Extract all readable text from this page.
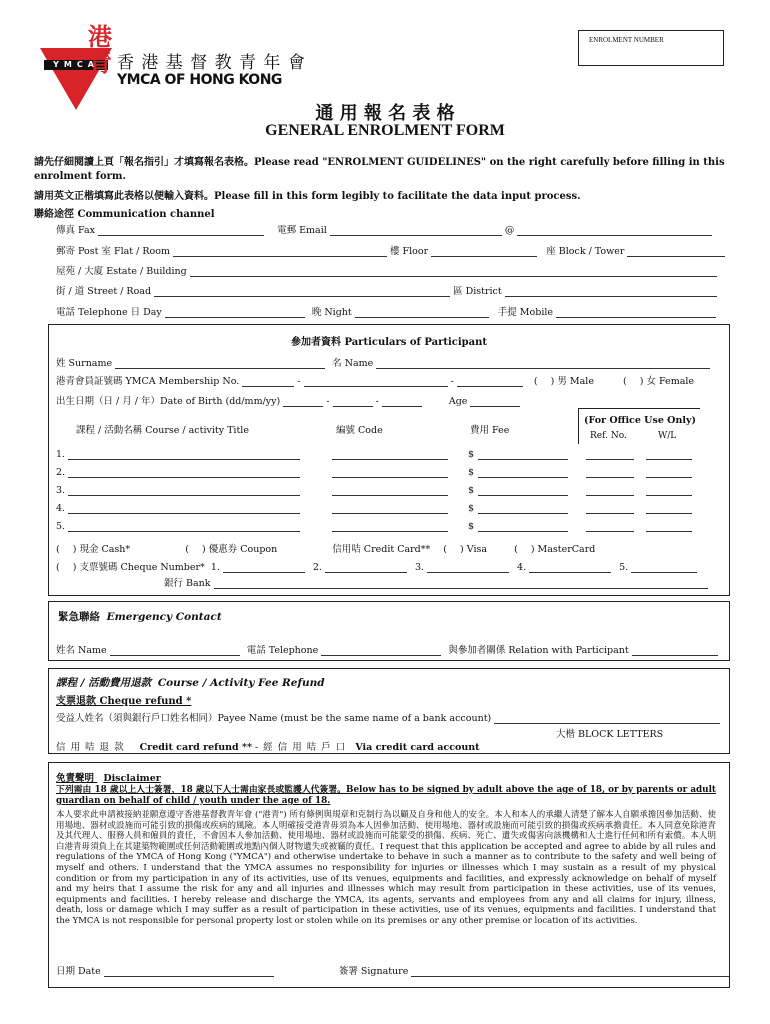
ENROLMENT NUMBER
YMCA
港青 香 港 基 督 教 青 年 會
YMCA OF HONG KONG
通 用 報 名 表 格
GENERAL ENROLMENT FORM
請先仔細閱讀上頁「報名指引」才填寫報名表格。Please read "ENROLMENT GUIDELINES" on the right carefully before filling in this enrolment form.
請用英文正楷填寫此表格以便輸入資料。Please fill in this form legibly to facilitate the data input process.
聯絡途徑 Communication channel
傳真 Fax	電郵 Email	@
郵寄 Post 室 Flat / Room	樓 Floor	座 Block / Tower
屋苑 / 大廈 Estate / Building
街 / 道 Street / Road	區 District
電話 Telephone 日 Day	晚 Night	手提 Mobile
參加者資料 Particulars of Participant
姓 Surname	名 Name
港青會員証號碼 YMCA Membership No.	-	-	( ) 男 Male	( ) 女 Female
出生日期（日 / 月 / 年）Date of Birth (dd/mm/yy)	-	-	Age
課程 / 活動名稱 Course / activity Title	編號 Code	費用 Fee
(For Office Use Only)
Ref. No.	W/L
1.	$
2.	$
3.	$
4.	$
5.	$
( ) 現金 Cash*	( ) 優惠券 Coupon	信用咭 Credit Card** ( ) Visa	( ) MasterCard
( ) 支票號碼 Cheque Number* 1.	2.	3.	4.	5.
銀行 Bank
緊急聯絡 Emergency Contact
姓名 Name	電話 Telephone	與參加者關係 Relation with Participant
課程 / 活動費用退款 Course / Activity Fee Refund
支票退款 Cheque refund *
受益人姓名（須與銀行戶口姓名相同）Payee Name (must be the same name of a bank account)
大楷 BLOCK LETTERS
信 用 咭 退 款 Credit card refund ** - 經 信 用 咭 戶 口 Via credit card account
免責聲明 Disclaimer
下列需由 18 歲以上人士簽署，18 歲以下人士需由家長或監護人代簽署。Below has to be signed by adult above the age of 18, or by parents or adult guardian on behalf of child / youth under the age of 18.
本人要求此申請被接納並願意遵守香港基督教青年會 ("港青") 所有條例與規章和克制行為以顧及自身和他人的安全。本人和本人的承繼人清楚了解本人自願承擔因參加活動、使用場地、器材或設施而可能引致的損傷或疾病的風險。本人明確接受港青毋須為本人因參加活動、使用場地、器材或設施而可能引致的損傷或疾病承擔責任。本人同意免除港青及其代理人、服務人員和僱員的責任，不會因本人參加活動、使用場地、器材或設施而可能蒙受的損傷、疾病、死亡、遺失或傷害向該機構和人士進行任何和所有索償。本人明白港青毋須負上在其建築物範圍或任何活動範圍或地點內個人財物遺失或被竊的責任。I request that this application be accepted and agree to abide by all rules and regulations of the YMCA of Hong Kong ("YMCA") and otherwise undertake to behave in such a manner as to contribute to the safety and well being of myself and others. I understand that the YMCA assumes no responsibility for injuries or illnesses which I may sustain as a result of my physical condition or from my participation in any of its activities, use of its venues, equipments and facilities, and expressly acknowledge on behalf of myself and my heirs that I assume the risk for any and all injuries and illnesses which may result from participation in these activities, use of its venues, equipments and facilities. I hereby release and discharge the YMCA, its agents, servants and employees from any and all claims for injury, illness, death, loss or damage which I may suffer as a result of participation in these activities, use of its venues, equipments and facilities. I understand that the YMCA is not responsible for personal property lost or stolen while on its premises or any other premise or location of its activities.
日期 Date	簽署 Signature
